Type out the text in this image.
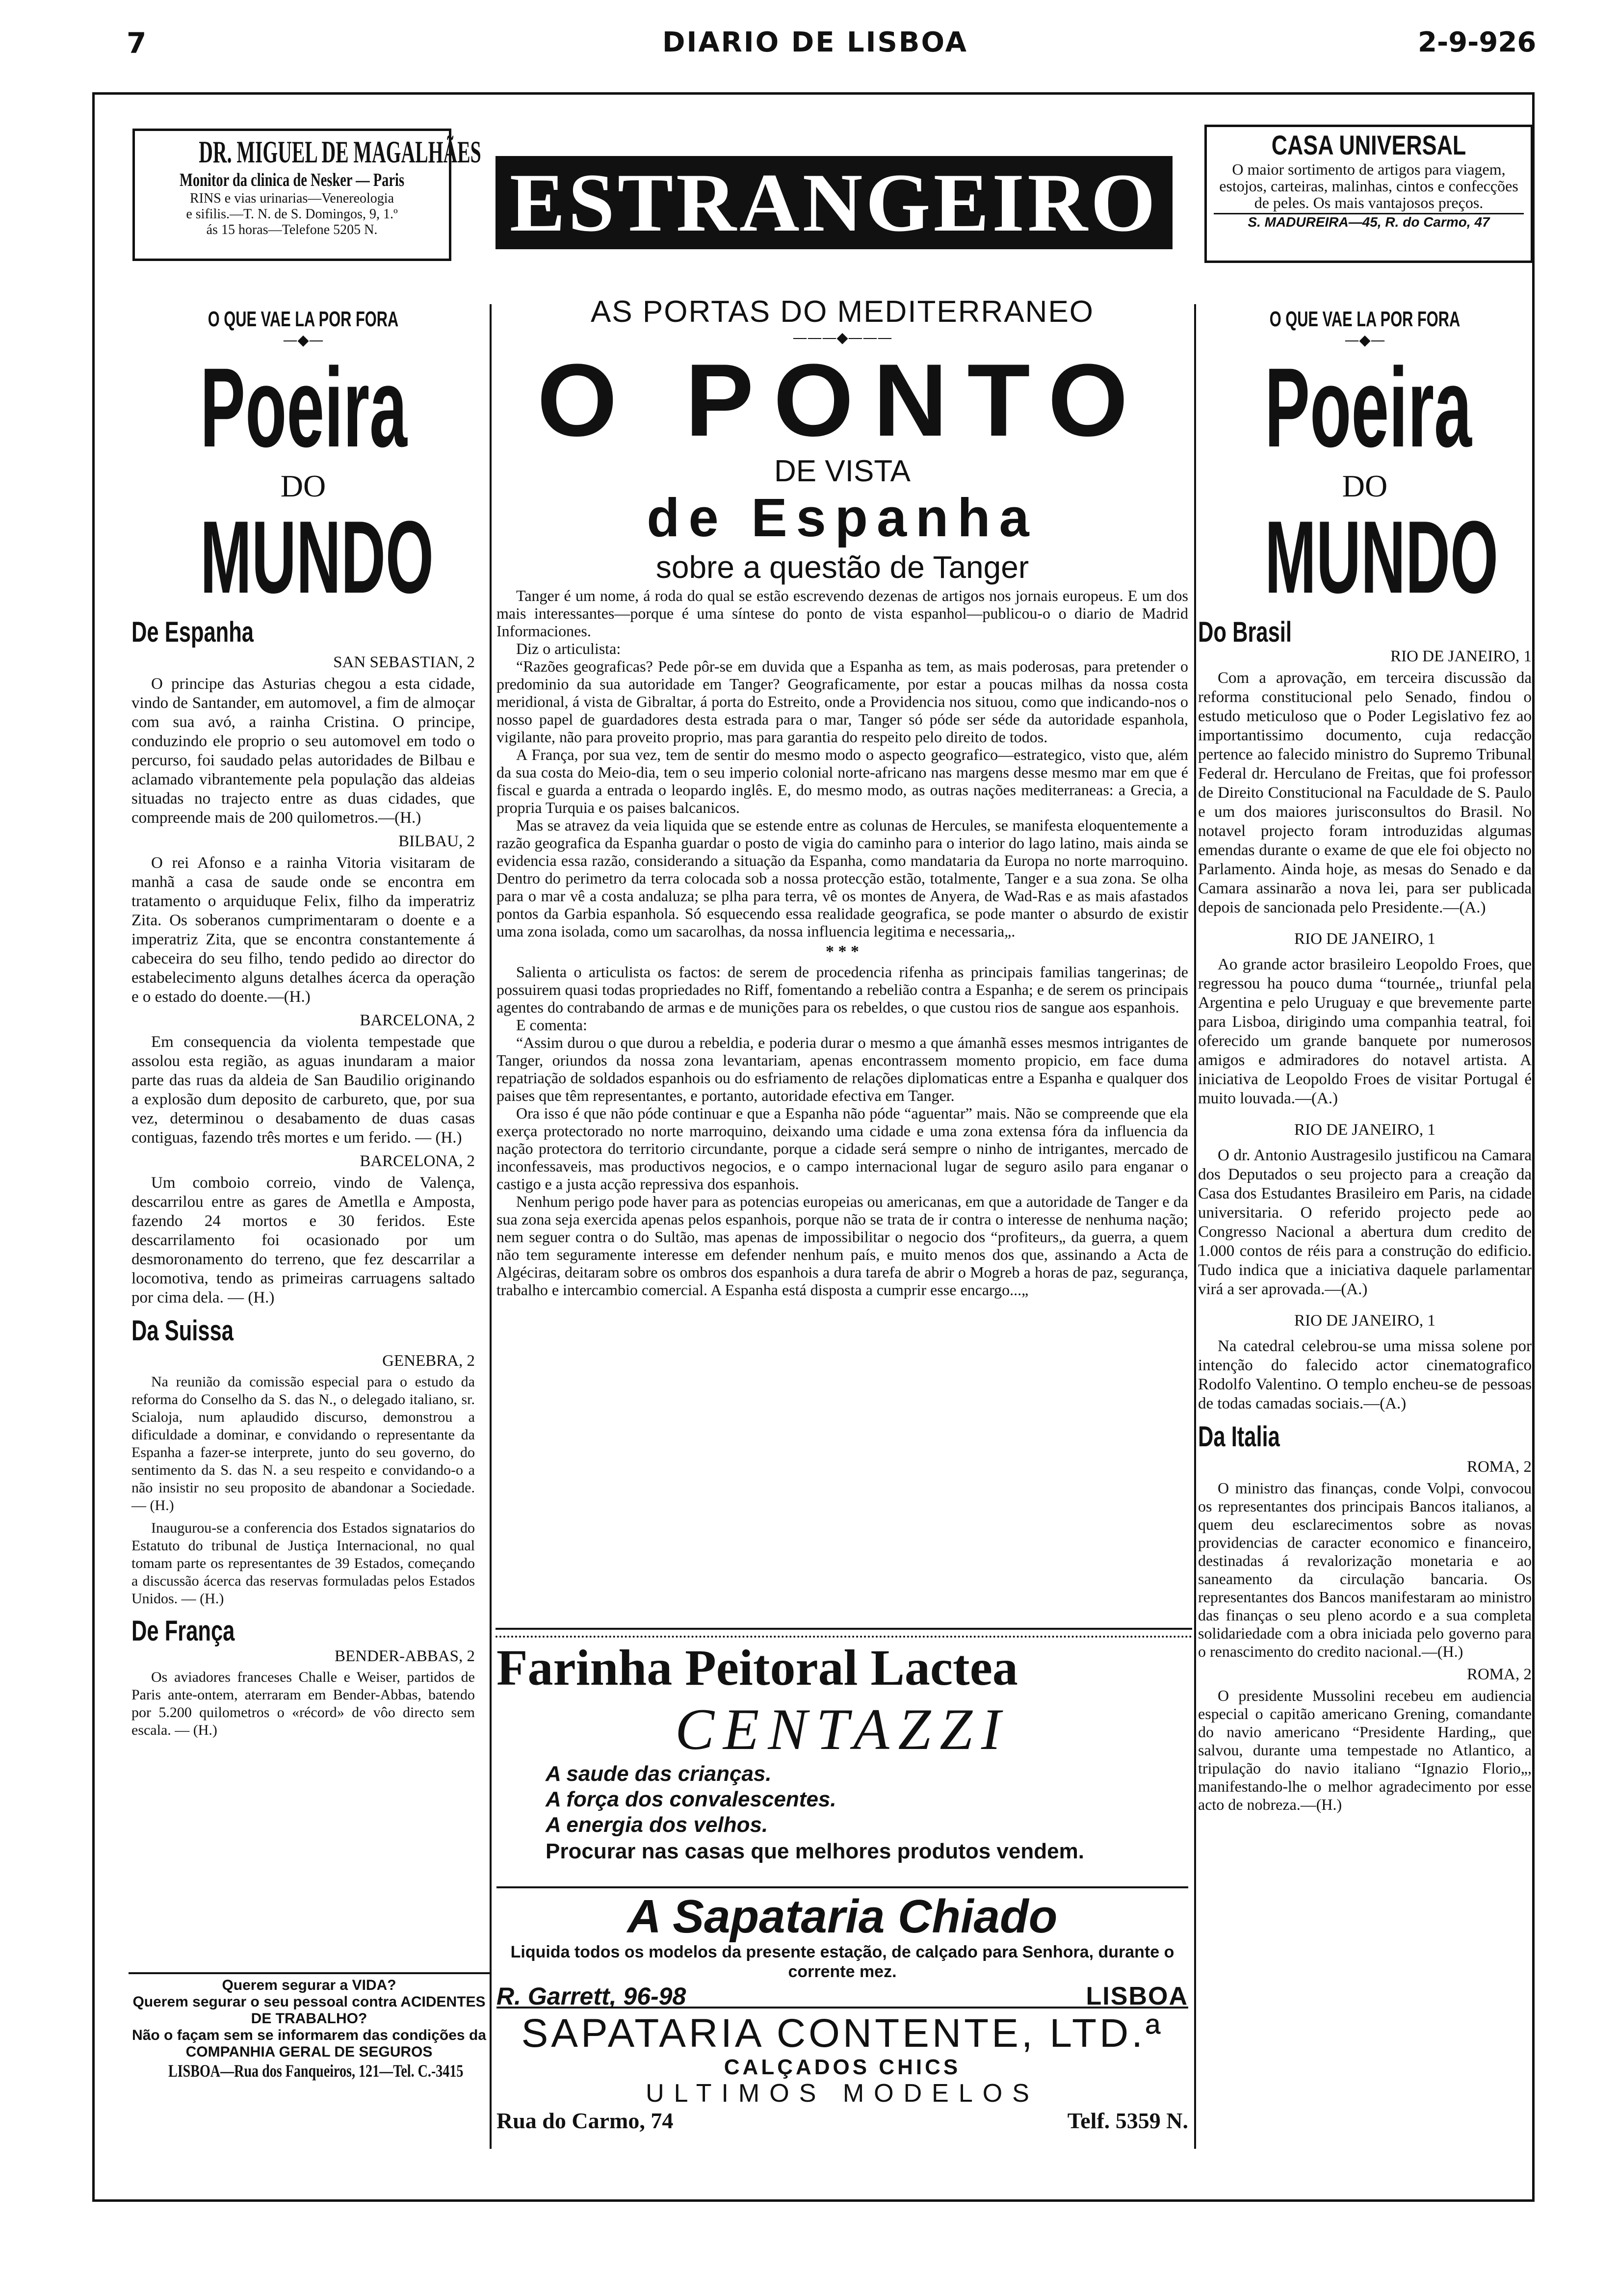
7	DIARIO DE LISBOA	2-9-926
DR. MIGUEL DE MAGALHÃES
Monitor da clinica de Nesker — Paris
RINS e vias urinarias—Venereologia
e sifilis.—T. N. de S. Domingos, 9, 1.º
ás 15 horas—Telefone 5205 N.	ESTRANGEIRO
CASA UNIVERSAL
O maior sortimento de artigos para viagem, estojos, carteiras, malinhas, cintos e confecções de peles. Os mais vantajosos preços.
S. MADUREIRA—45, R. do Carmo, 47
O QUE VAE LA POR FORA
—◆—
Poeira
DO
MUNDO
De Espanha
SAN SEBASTIAN, 2

O principe das Asturias chegou a esta cidade, vindo de Santander, em automovel, a fim de almoçar com sua avó, a rainha Cristina. O principe, conduzindo ele proprio o seu automovel em todo o percurso, foi saudado pelas autoridades de Bilbau e aclamado vibrantemente pela população das aldeias situadas no trajecto entre as duas cidades, que compreende mais de 200 quilometros.—(H.)

BILBAU, 2

O rei Afonso e a rainha Vitoria visitaram de manhã a casa de saude onde se encontra em tratamento o arquiduque Felix, filho da imperatriz Zita. Os soberanos cumprimentaram o doente e a imperatriz Zita, que se encontra constantemente á cabeceira do seu filho, tendo pedido ao director do estabelecimento alguns detalhes ácerca da operação e o estado do doente.—(H.)

BARCELONA, 2

Em consequencia da violenta tempestade que assolou esta região, as aguas inundaram a maior parte das ruas da aldeia de San Baudilio originando a explosão dum deposito de carbureto, que, por sua vez, determinou o desabamento de duas casas contiguas, fazendo três mortes e um ferido. — (H.)

BARCELONA, 2

Um comboio correio, vindo de Valença, descarrilou entre as gares de Ametlla e Amposta, fazendo 24 mortos e 30 feridos. Este descarrilamento foi ocasionado por um desmoronamento do terreno, que fez descarrilar a locomotiva, tendo as primeiras carruagens saltado por cima dela. — (H.)

Da Suissa
GENEBRA, 2

Na reunião da comissão especial para o estudo da reforma do Conselho da S. das N., o delegado italiano, sr. Scialoja, num aplaudido discurso, demonstrou a dificuldade a dominar, e convidando o representante da Espanha a fazer-se interprete, junto do seu governo, do sentimento da S. das N. a seu respeito e convidando-o a não insistir no seu proposito de abandonar a Sociedade. — (H.)

Inaugurou-se a conferencia dos Estados signatarios do Estatuto do tribunal de Justiça Internacional, no qual tomam parte os representantes de 39 Estados, começando a discussão ácerca das reservas formuladas pelos Estados Unidos. — (H.)

De França
BENDER-ABBAS, 2

Os aviadores franceses Challe e Weiser, partidos de Paris ante-ontem, aterraram em Bender-Abbas, batendo por 5.200 quilometros o «récord» de vôo directo sem escala. — (H.)

Querem segurar a VIDA?
Querem segurar o seu pessoal contra ACIDENTES DE TRABALHO?
Não o façam sem se informarem das condições da COMPANHIA GERAL DE SEGUROS
LISBOA—Rua dos Fanqueiros, 121—Tel. C.-3415
AS PORTAS DO MEDITERRANEO
———◆———
O PONTO
DE VISTA
de Espanha
sobre a questão de Tanger

Tanger é um nome, á roda do qual se estão escrevendo dezenas de artigos nos jornais europeus. E um dos mais interessantes—porque é uma síntese do ponto de vista espanhol—publicou-o o diario de Madrid Informaciones.

Diz o articulista:

“Razões geograficas? Pede pôr-se em duvida que a Espanha as tem, as mais poderosas, para pretender o predominio da sua autoridade em Tanger? Geograficamente, por estar a poucas milhas da nossa costa meridional, á vista de Gibraltar, á porta do Estreito, onde a Providencia nos situou, como que indicando-nos o nosso papel de guardadores desta estrada para o mar, Tanger só póde ser séde da autoridade espanhola, vigilante, não para proveito proprio, mas para garantia do respeito pelo direito de todos.

A França, por sua vez, tem de sentir do mesmo modo o aspecto geografico—estrategico, visto que, além da sua costa do Meio-dia, tem o seu imperio colonial norte-africano nas margens desse mesmo mar em que é fiscal e guarda a entrada o leopardo inglês. E, do mesmo modo, as outras nações mediterraneas: a Grecia, a propria Turquia e os paises balcanicos.

Mas se atravez da veia liquida que se estende entre as colunas de Hercules, se manifesta eloquentemente a razão geografica da Espanha guardar o posto de vigia do caminho para o interior do lago latino, mais ainda se evidencia essa razão, considerando a situação da Espanha, como mandataria da Europa no norte marroquino. Dentro do perimetro da terra colocada sob a nossa protecção estão, totalmente, Tanger e a sua zona. Se olha para o mar vê a costa andaluza; se plha para terra, vê os montes de Anyera, de Wad-Ras e as mais afastados pontos da Garbia espanhola. Só esquecendo essa realidade geografica, se pode manter o absurdo de existir uma zona isolada, como um sacarolhas, da nossa influencia legitima e necessaria„.

* * *

Salienta o articulista os factos: de serem de procedencia rifenha as principais familias tangerinas; de possuirem quasi todas propriedades no Riff, fomentando a rebelião contra a Espanha; e de serem os principais agentes do contrabando de armas e de munições para os rebeldes, o que custou rios de sangue aos espanhois.

E comenta:

“Assim durou o que durou a rebeldia, e poderia durar o mesmo a que ámanhã esses mesmos intrigantes de Tanger, oriundos da nossa zona levantariam, apenas encontrassem momento propicio, em face duma repatriação de soldados espanhois ou do esfriamento de relações diplomaticas entre a Espanha e qualquer dos paises que têm representantes, e portanto, autoridade efectiva em Tanger.

Ora isso é que não póde continuar e que a Espanha não póde “aguentar” mais. Não se compreende que ela exerça protectorado no norte marroquino, deixando uma cidade e uma zona extensa fóra da influencia da nação protectora do territorio circundante, porque a cidade será sempre o ninho de intrigantes, mercado de inconfessaveis, mas productivos negocios, e o campo internacional lugar de seguro asilo para enganar o castigo e a justa acção repressiva dos espanhois.

Nenhum perigo pode haver para as potencias europeias ou americanas, em que a autoridade de Tanger e da sua zona seja exercida apenas pelos espanhois, porque não se trata de ir contra o interesse de nenhuma nação; nem seguer contra o do Sultão, mas apenas de impossibilitar o negocio dos “profiteurs„ da guerra, a quem não tem seguramente interesse em defender nenhum país, e muito menos dos que, assinando a Acta de Algéciras, deitaram sobre os ombros dos espanhois a dura tarefa de abrir o Mogreb a horas de paz, segurança, trabalho e intercambio comercial. A Espanha está disposta a cumprir esse encargo...„

Farinha Peitoral Lactea
CENTAZZI
A saude das crianças.
A força dos convalescentes.
A energia dos velhos.
Procurar nas casas que melhores produtos vendem.
A Sapataria Chiado
Liquida todos os modelos da presente estação, de calçado para Senhora, durante o corrente mez.
R. Garrett, 96-98	LISBOA
SAPATARIA CONTENTE, LTD.ª
CALÇADOS CHICS
ULTIMOS MODELOS
Rua do Carmo, 74	Telf. 5359 N.
O QUE VAE LA POR FORA
—◆—
Poeira
DO
MUNDO
Do Brasil
RIO DE JANEIRO, 1

Com a aprovação, em terceira discussão da reforma constitucional pelo Senado, findou o estudo meticuloso que o Poder Legislativo fez ao importantissimo documento, cuja redacção pertence ao falecido ministro do Supremo Tribunal Federal dr. Herculano de Freitas, que foi professor de Direito Constitucional na Faculdade de S. Paulo e um dos maiores jurisconsultos do Brasil. No notavel projecto foram introduzidas algumas emendas durante o exame de que ele foi objecto no Parlamento. Ainda hoje, as mesas do Senado e da Camara assinarão a nova lei, para ser publicada depois de sancionada pelo Presidente.—(A.)

RIO DE JANEIRO, 1

Ao grande actor brasileiro Leopoldo Froes, que regressou ha pouco duma “tournée„ triunfal pela Argentina e pelo Uruguay e que brevemente parte para Lisboa, dirigindo uma companhia teatral, foi oferecido um grande banquete por numerosos amigos e admiradores do notavel artista. A iniciativa de Leopoldo Froes de visitar Portugal é muito louvada.—(A.)

RIO DE JANEIRO, 1

O dr. Antonio Austragesilo justificou na Camara dos Deputados o seu projecto para a creação da Casa dos Estudantes Brasileiro em Paris, na cidade universitaria. O referido projecto pede ao Congresso Nacional a abertura dum credito de 1.000 contos de réis para a construção do edificio. Tudo indica que a iniciativa daquele parlamentar virá a ser aprovada.—(A.)

RIO DE JANEIRO, 1

Na catedral celebrou-se uma missa solene por intenção do falecido actor cinematografico Rodolfo Valentino. O templo encheu-se de pessoas de todas camadas sociais.—(A.)

Da Italia
ROMA, 2

O ministro das finanças, conde Volpi, convocou os representantes dos principais Bancos italianos, a quem deu esclarecimentos sobre as novas providencias de caracter economico e financeiro, destinadas á revalorização monetaria e ao saneamento da circulação bancaria. Os representantes dos Bancos manifestaram ao ministro das finanças o seu pleno acordo e a sua completa solidariedade com a obra iniciada pelo governo para o renascimento do credito nacional.—(H.)

ROMA, 2

O presidente Mussolini recebeu em audiencia especial o capitão americano Grening, comandante do navio americano “Presidente Harding„ que salvou, durante uma tempestade no Atlantico, a tripulação do navio italiano “Ignazio Florio„, manifestando-lhe o melhor agradecimento por esse acto de nobreza.—(H.)
